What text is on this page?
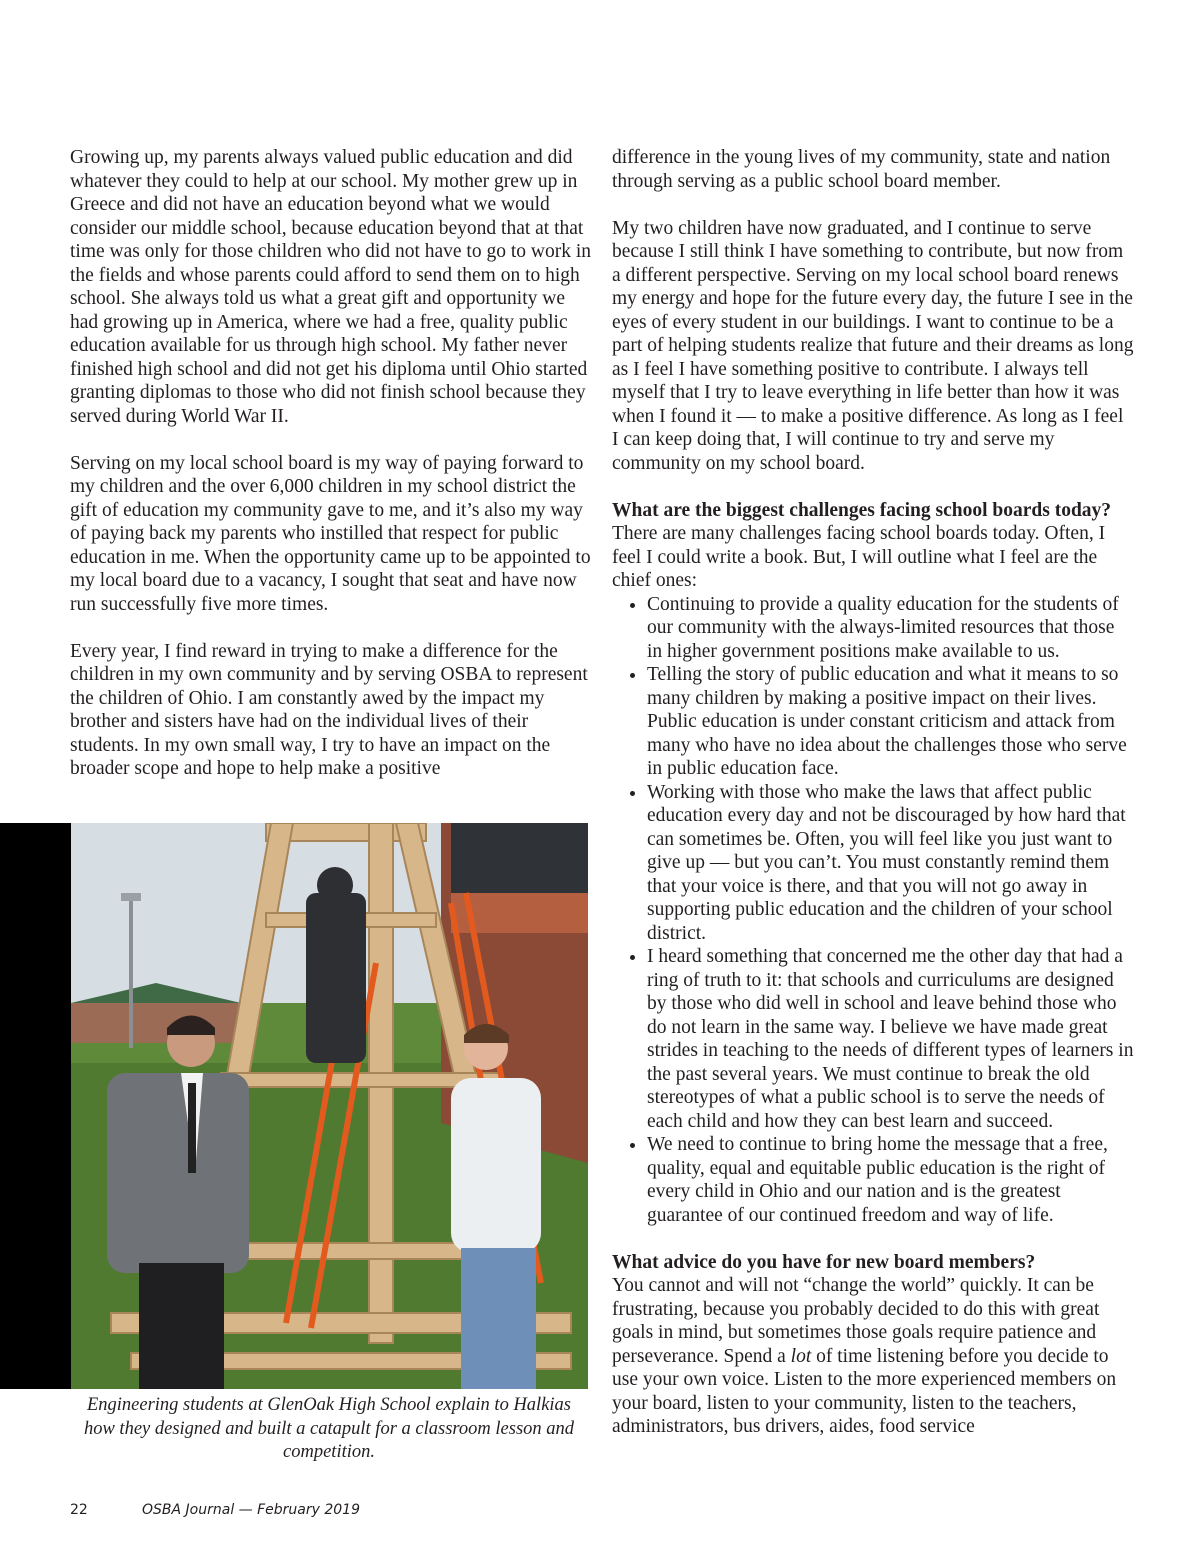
Growing up, my parents always valued public education and did whatever they could to help at our school. My mother grew up in Greece and did not have an education beyond what we would consider our middle school, because education beyond that at that time was only for those children who did not have to go to work in the fields and whose parents could afford to send them on to high school. She always told us what a great gift and opportunity we had growing up in America, where we had a free, quality public education available for us through high school. My father never finished high school and did not get his diploma until Ohio started granting diplomas to those who did not finish school because they served during World War II.

Serving on my local school board is my way of paying forward to my children and the over 6,000 children in my school district the gift of education my community gave to me, and it’s also my way of paying back my parents who instilled that respect for public education in me. When the opportunity came up to be appointed to my local board due to a vacancy, I sought that seat and have now run successfully five more times.

Every year, I find reward in trying to make a difference for the children in my own community and by serving OSBA to represent the children of Ohio. I am constantly awed by the impact my brother and sisters have had on the individual lives of their students. In my own small way, I try to have an impact on the broader scope and hope to help make a positive

Engineering students at GlenOak High School explain to Halkias how they designed and built a catapult for a classroom lesson and competition.

difference in the young lives of my community, state and nation through serving as a public school board member.

My two children have now graduated, and I continue to serve because I still think I have something to contribute, but now from a different perspective. Serving on my local school board renews my energy and hope for the future every day, the future I see in the eyes of every student in our buildings. I want to continue to be a part of helping students realize that future and their dreams as long as I feel I have something positive to contribute. I always tell myself that I try to leave everything in life better than how it was when I found it — to make a positive difference. As long as I feel I can keep doing that, I will continue to try and serve my community on my school board.

What are the biggest challenges facing school boards today?
There are many challenges facing school boards today. Often, I feel I could write a book. But, I will outline what I feel are the chief ones:
• Continuing to provide a quality education for the students of our community with the always-limited resources that those in higher government positions make available to us.
• Telling the story of public education and what it means to so many children by making a positive impact on their lives. Public education is under constant criticism and attack from many who have no idea about the challenges those who serve in public education face.
• Working with those who make the laws that affect public education every day and not be discouraged by how hard that can sometimes be. Often, you will feel like you just want to give up — but you can’t. You must constantly remind them that your voice is there, and that you will not go away in supporting public education and the children of your school district.
• I heard something that concerned me the other day that had a ring of truth to it: that schools and curriculums are designed by those who did well in school and leave behind those who do not learn in the same way. I believe we have made great strides in teaching to the needs of different types of learners in the past several years. We must continue to break the old stereotypes of what a public school is to serve the needs of each child and how they can best learn and succeed.
• We need to continue to bring home the message that a free, quality, equal and equitable public education is the right of every child in Ohio and our nation and is the greatest guarantee of our continued freedom and way of life.
What advice do you have for new board members?
You cannot and will not “change the world” quickly. It can be frustrating, because you probably decided to do this with great goals in mind, but sometimes those goals require patience and perseverance. Spend a lot of time listening before you decide to use your own voice. Listen to the more experienced members on your board, listen to your community, listen to the teachers, administrators, bus drivers, aides, food service
22	OSBA Journal — February 2019
